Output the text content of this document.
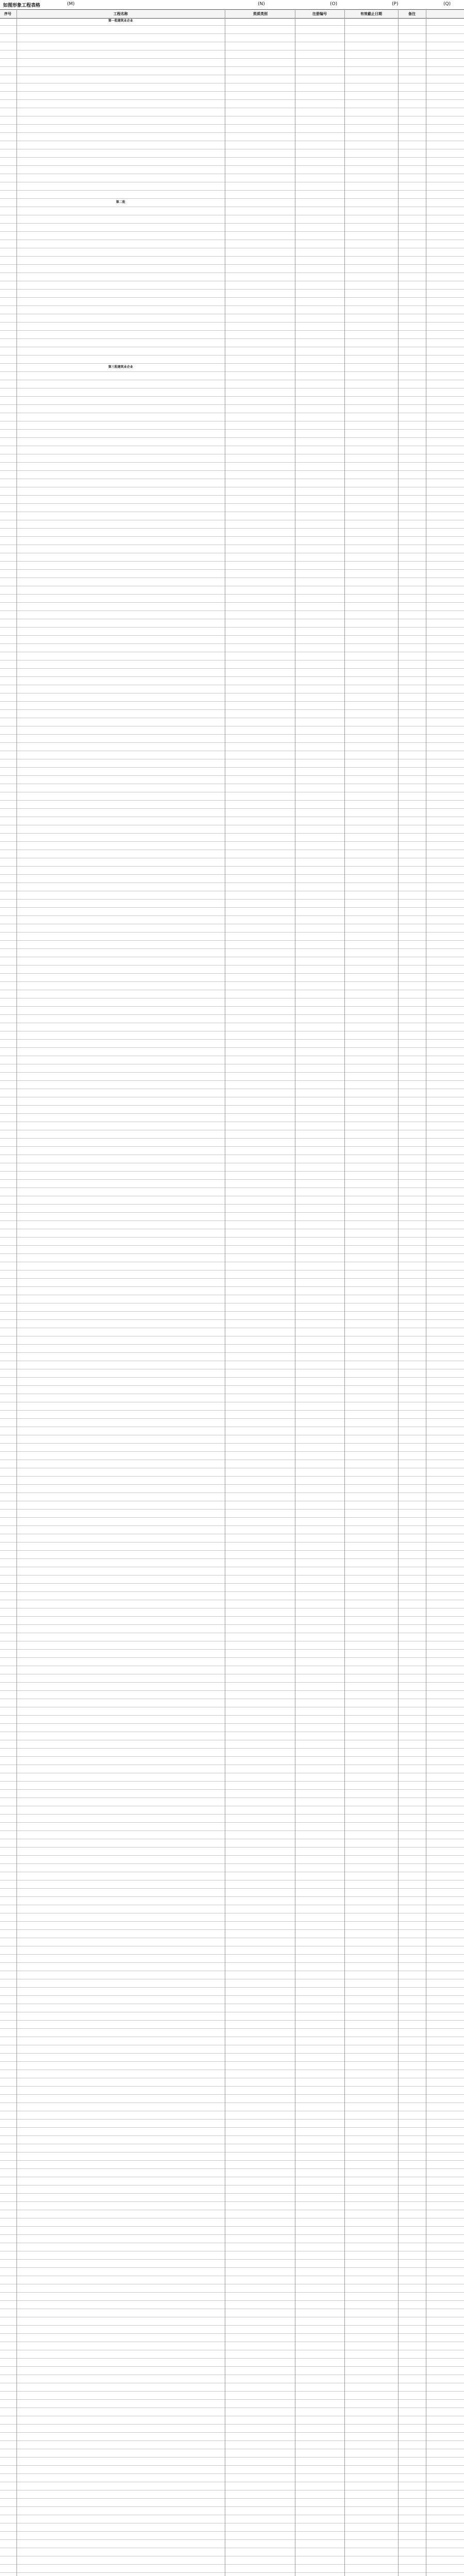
如图形象工程表格	(M)	(N)	(O)	(P)	(Q)
序号	工程名称	资质类别	注册编号	有效截止日期	备注
第一批建筑业企业
第二批
第三批建筑业企业
